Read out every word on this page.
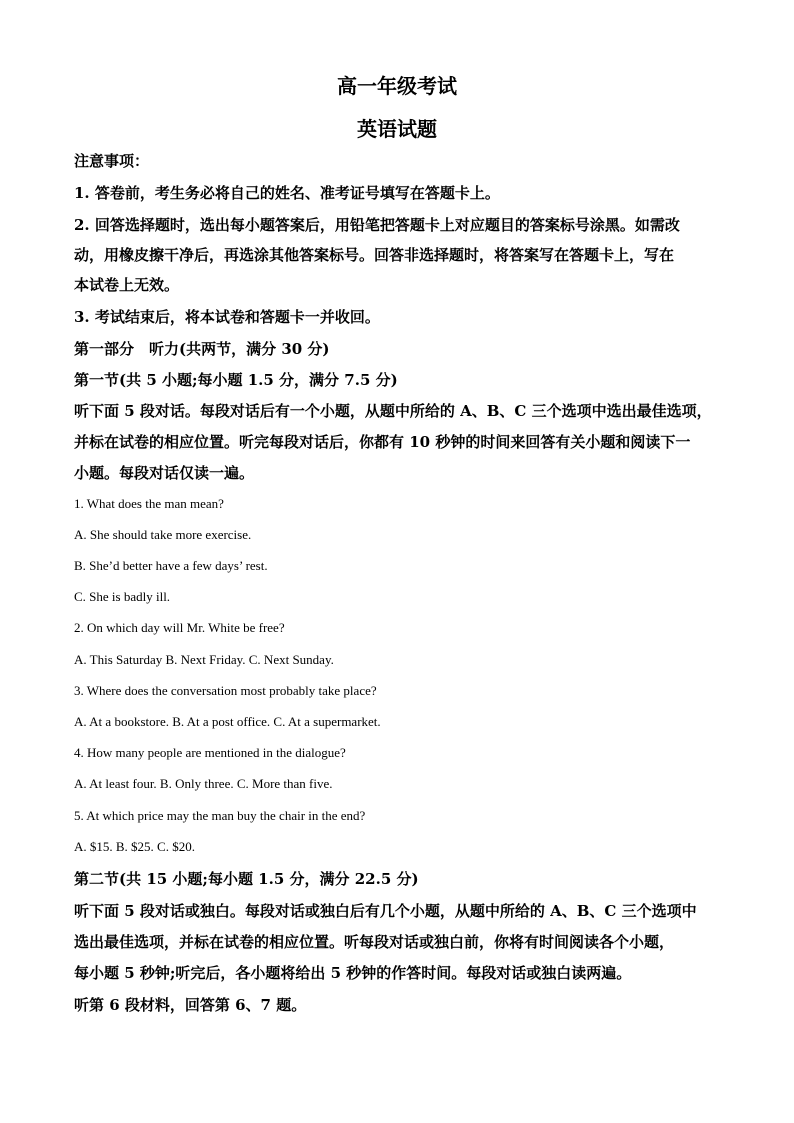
高一年级考试
英语试题
注意事项：
1. 答卷前，考生务必将自己的姓名、准考证号填写在答题卡上。
2. 回答选择题时，选出每小题答案后，用铅笔把答题卡上对应题目的答案标号涂黑。如需改
动，用橡皮擦干净后，再选涂其他答案标号。回答非选择题时，将答案写在答题卡上，写在
本试卷上无效。
3. 考试结束后，将本试卷和答题卡一并收回。
第一部分　听力(共两节，满分 30 分)
第一节(共 5 小题;每小题 1.5 分，满分 7.5 分)
听下面 5 段对话。每段对话后有一个小题，从题中所给的 A、B、C 三个选项中选出最佳选项，
并标在试卷的相应位置。听完每段对话后，你都有 10 秒钟的时间来回答有关小题和阅读下一
小题。每段对话仅读一遍。
1. What does the man mean?
A. She should take more exercise.
B. She’d better have a few days’ rest.
C. She is badly ill.
2. On which day will Mr. White be free?
A. This Saturday B. Next Friday. C. Next Sunday.
3. Where does the conversation most probably take place?
A. At a bookstore. B. At a post office. C. At a supermarket.
4. How many people are mentioned in the dialogue?
A. At least four. B. Only three. C. More than five.
5. At which price may the man buy the chair in the end?
A. $15. B. $25. C. $20.
第二节(共 15 小题;每小题 1.5 分，满分 22.5 分)
听下面 5 段对话或独白。每段对话或独白后有几个小题，从题中所给的 A、B、C 三个选项中
选出最佳选项，并标在试卷的相应位置。听每段对话或独白前，你将有时间阅读各个小题，
每小题 5 秒钟;听完后，各小题将给出 5 秒钟的作答时间。每段对话或独白读两遍。
听第 6 段材料，回答第 6、7 题。
